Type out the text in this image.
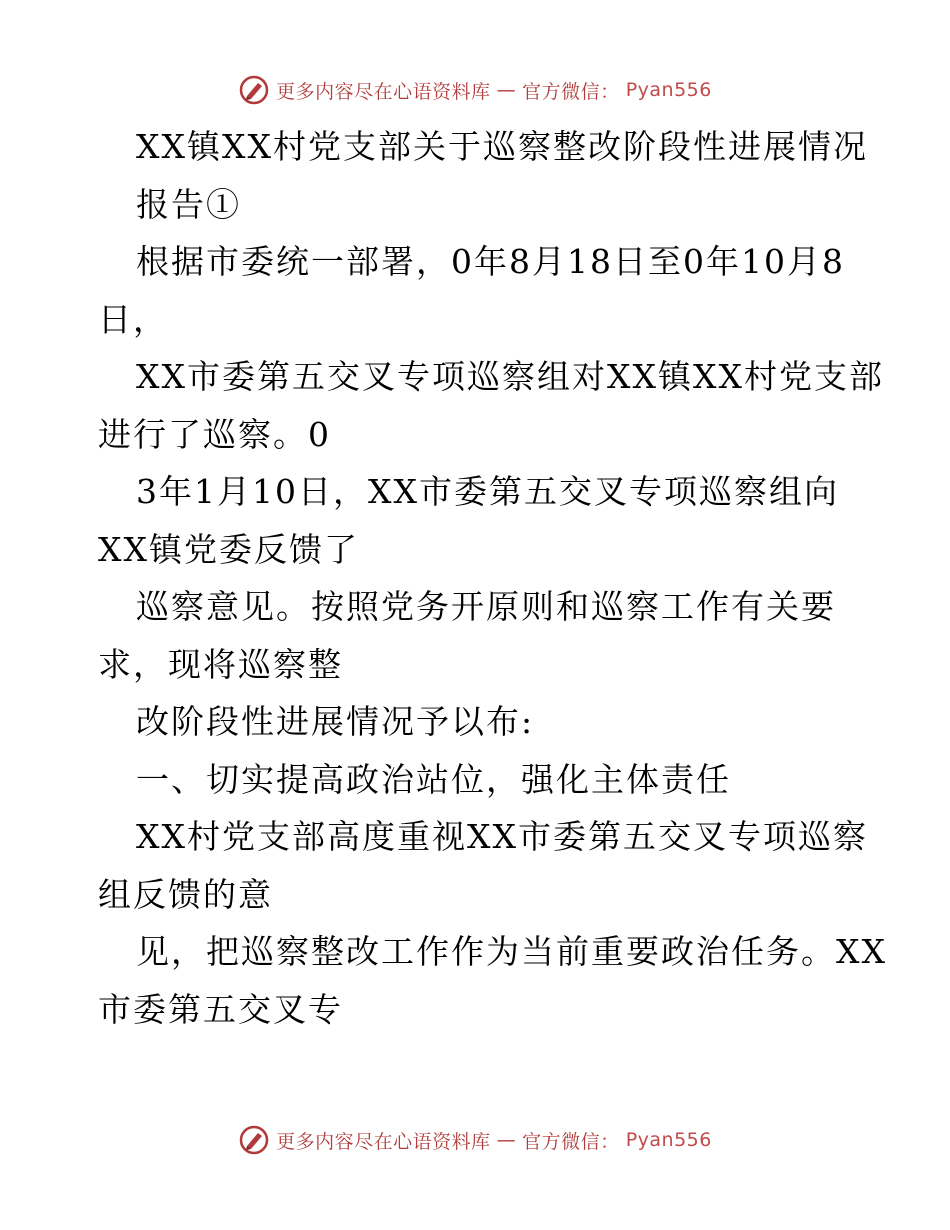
更多内容尽在心语资料库 — 官方微信： Pyan556
XX镇XX村党支部关于巡察整改阶段性进展情况
报告①
根据市委统一部署，0年8月18日至0年10月8
日，
XX市委第五交叉专项巡察组对XX镇XX村党支部
进行了巡察。0
3年1月10日，XX市委第五交叉专项巡察组向
XX镇党委反馈了
巡察意见。按照党务开原则和巡察工作有关要
求，现将巡察整
改阶段性进展情况予以布:
一、切实提高政治站位，强化主体责任
XX村党支部高度重视XX市委第五交叉专项巡察
组反馈的意
见，把巡察整改工作作为当前重要政治任务。XX
市委第五交叉专
更多内容尽在心语资料库 — 官方微信： Pyan556
